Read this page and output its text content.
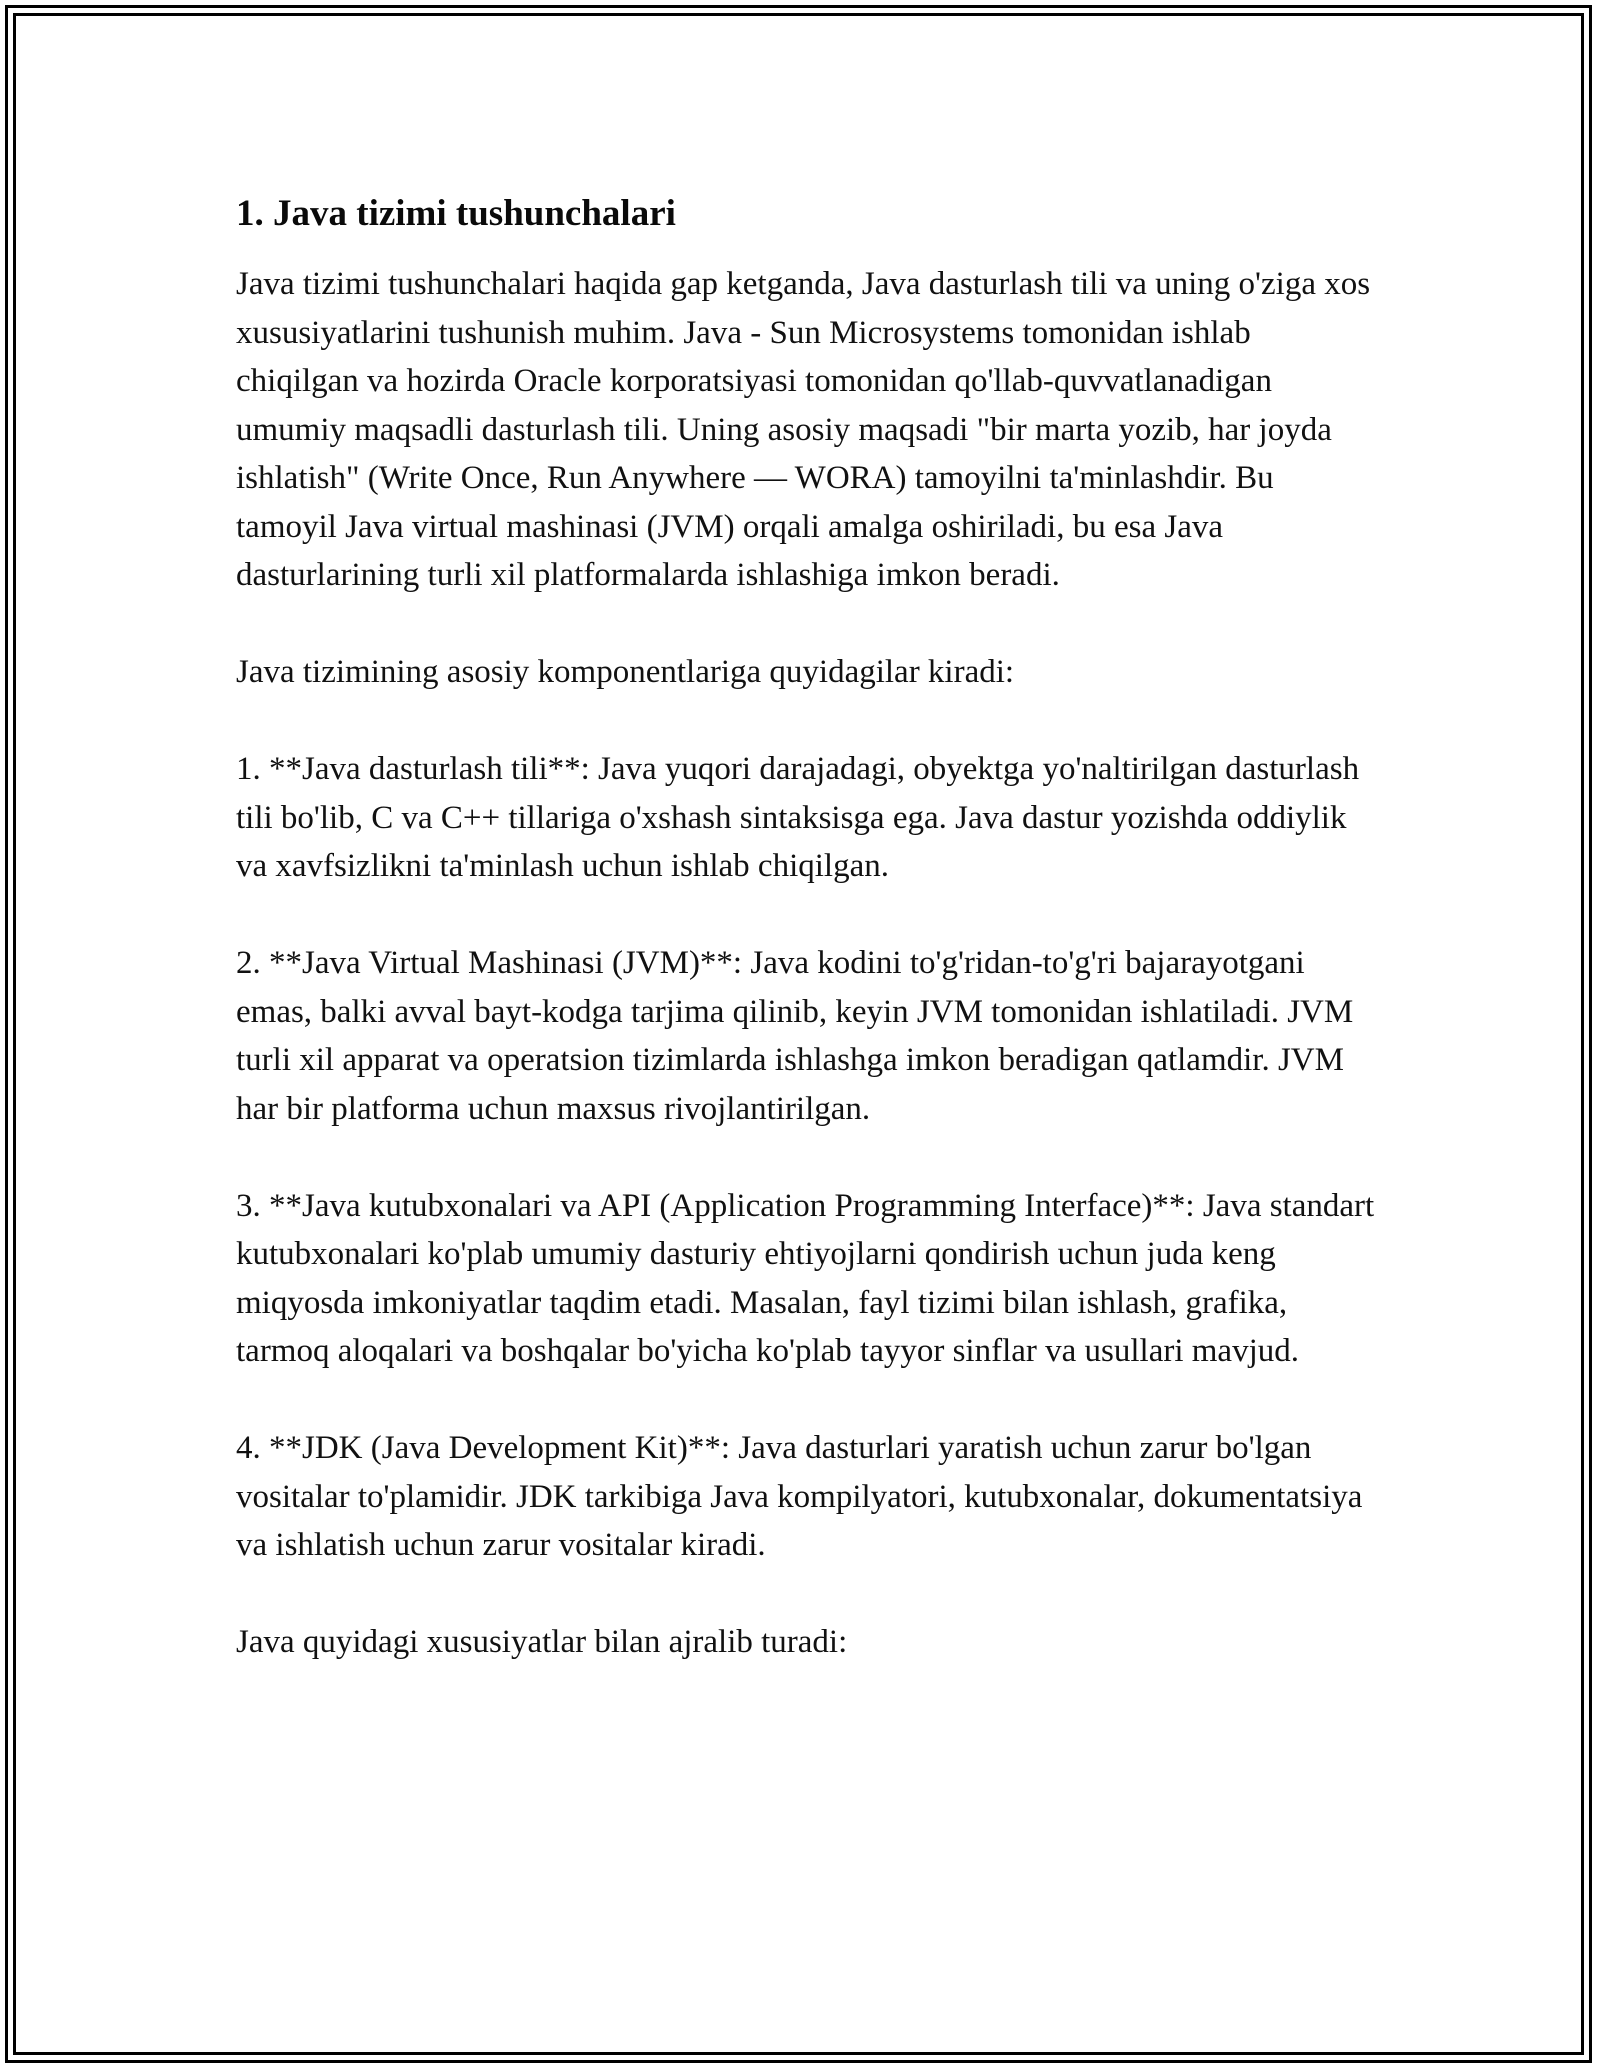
1. Java tizimi tushunchalari

Java tizimi tushunchalari haqida gap ketganda, Java dasturlash tili va uning o'ziga xos xususiyatlarini tushunish muhim. Java - Sun Microsystems tomonidan ishlab chiqilgan va hozirda Oracle korporatsiyasi tomonidan qo'llab-quvvatlanadigan umumiy maqsadli dasturlash tili. Uning asosiy maqsadi "bir marta yozib, har joyda ishlatish" (Write Once, Run Anywhere — WORA) tamoyilni ta'minlashdir. Bu tamoyil Java virtual mashinasi (JVM) orqali amalga oshiriladi, bu esa Java dasturlarining turli xil platformalarda ishlashiga imkon beradi.

Java tizimining asosiy komponentlariga quyidagilar kiradi:

1. **Java dasturlash tili**: Java yuqori darajadagi, obyektga yo'naltirilgan dasturlash tili bo'lib, C va C++ tillariga o'xshash sintaksisga ega. Java dastur yozishda oddiylik va xavfsizlikni ta'minlash uchun ishlab chiqilgan.

2. **Java Virtual Mashinasi (JVM)**: Java kodini to'g'ridan-to'g'ri bajarayotgani emas, balki avval bayt-kodga tarjima qilinib, keyin JVM tomonidan ishlatiladi. JVM turli xil apparat va operatsion tizimlarda ishlashga imkon beradigan qatlamdir. JVM har bir platforma uchun maxsus rivojlantirilgan.

3. **Java kutubxonalari va API (Application Programming Interface)**: Java standart kutubxonalari ko'plab umumiy dasturiy ehtiyojlarni qondirish uchun juda keng miqyosda imkoniyatlar taqdim etadi. Masalan, fayl tizimi bilan ishlash, grafika, tarmoq aloqalari va boshqalar bo'yicha ko'plab tayyor sinflar va usullari mavjud.

4. **JDK (Java Development Kit)**: Java dasturlari yaratish uchun zarur bo'lgan vositalar to'plamidir. JDK tarkibiga Java kompilyatori, kutubxonalar, dokumentatsiya va ishlatish uchun zarur vositalar kiradi.

Java quyidagi xususiyatlar bilan ajralib turadi:
